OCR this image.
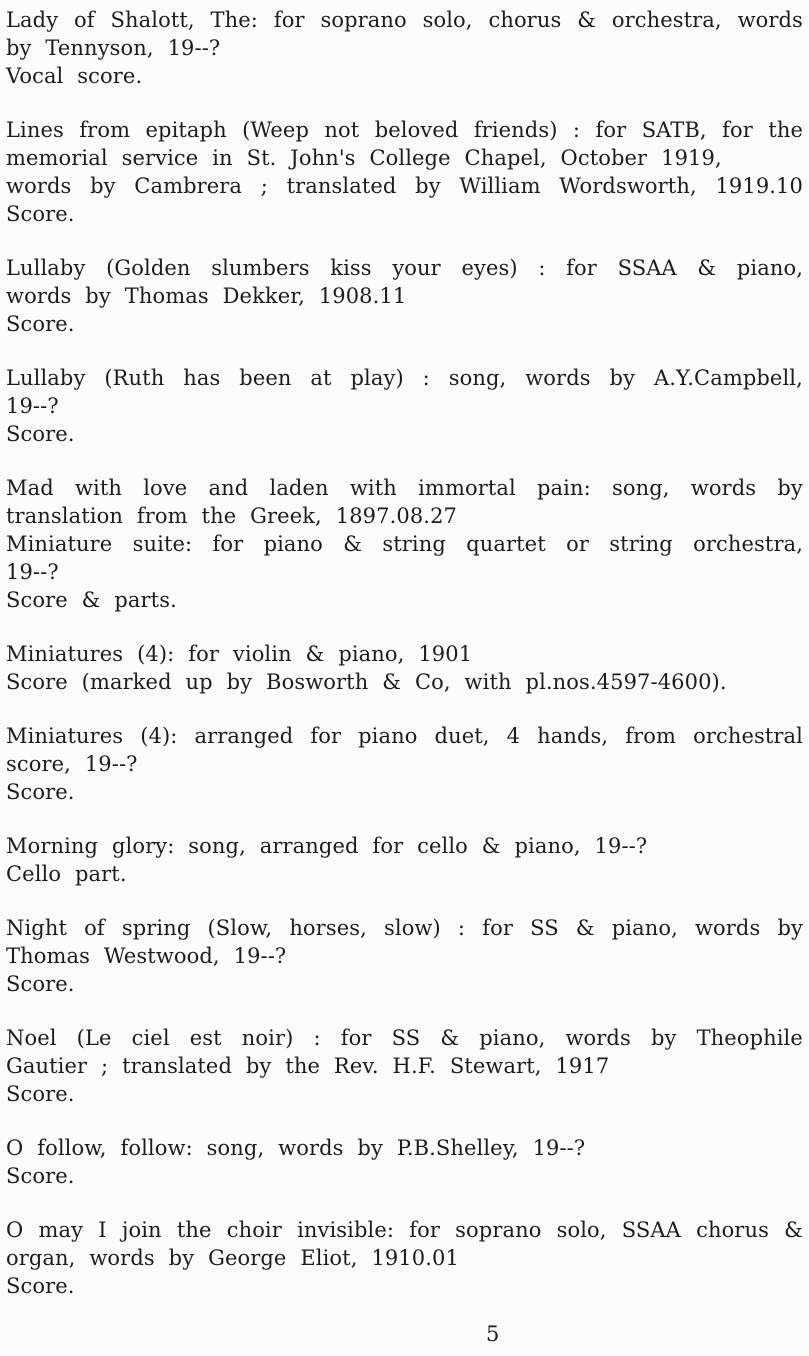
Lady of Shalott, The: for soprano solo, chorus & orchestra, words
by Tennyson, 19--?
Vocal score.
Lines from epitaph (Weep not beloved friends) : for SATB, for the
memorial service in St. John's College Chapel, October 1919,
words by Cambrera ; translated by William Wordsworth, 1919.10
Score.
Lullaby (Golden slumbers kiss your eyes) : for SSAA & piano,
words by Thomas Dekker, 1908.11
Score.
Lullaby (Ruth has been at play) : song, words by A.Y.Campbell,
19--?
Score.
Mad with love and laden with immortal pain: song, words by
translation from the Greek, 1897.08.27
Miniature suite: for piano & string quartet or string orchestra,
19--?
Score & parts.
Miniatures (4): for violin & piano, 1901
Score (marked up by Bosworth & Co, with pl.nos.4597-4600).
Miniatures (4): arranged for piano duet, 4 hands, from orchestral
score, 19--?
Score.
Morning glory: song, arranged for cello & piano, 19--?
Cello part.
Night of spring (Slow, horses, slow) : for SS & piano, words by
Thomas Westwood, 19--?
Score.
Noel (Le ciel est noir) : for SS & piano, words by Theophile
Gautier ; translated by the Rev. H.F. Stewart, 1917
Score.
O follow, follow: song, words by P.B.Shelley, 19--?
Score.
O may I join the choir invisible: for soprano solo, SSAA chorus &
organ, words by George Eliot, 1910.01
Score.
5
